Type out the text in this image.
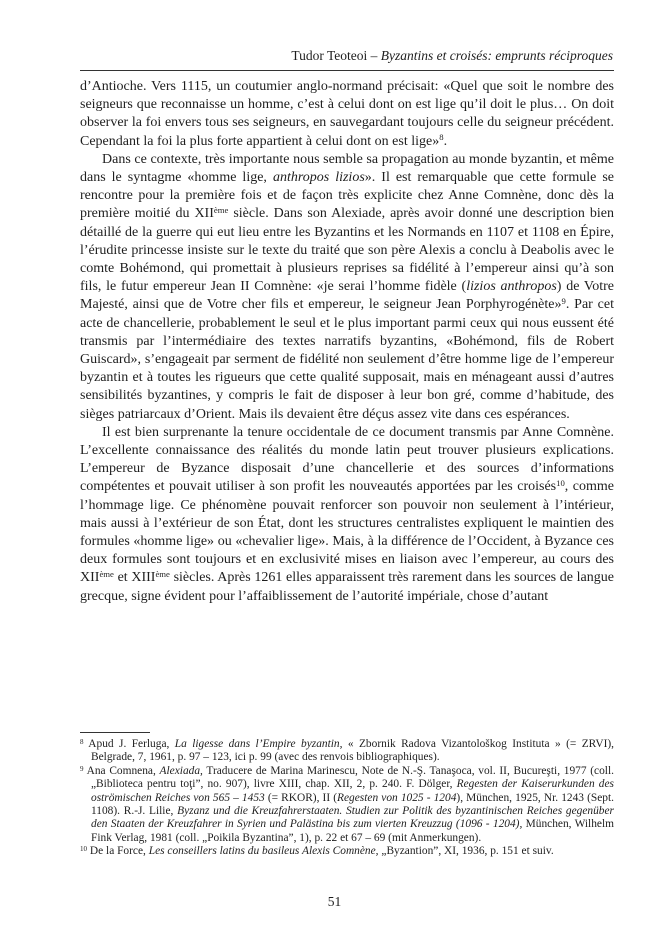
Tudor Teoteoi – Byzantins et croisés: emprunts réciproques

d’Antioche. Vers 1115, un coutumier anglo-normand précisait: «Quel que soit le nombre des seigneurs que reconnaisse un homme, c’est à celui dont on est lige qu’il doit le plus… On doit observer la foi envers tous ses seigneurs, en sauvegardant toujours celle du seigneur précédent. Cependant la foi la plus forte appartient à celui dont on est lige»$^8$.

Dans ce contexte, très importante nous semble sa propagation au monde byzantin, et même dans le syntagme «homme lige, anthropos lizios». Il est remarquable que cette formule se rencontre pour la première fois et de façon très explicite chez Anne Comnène, donc dès la première moitié du XIIème siècle. Dans son Alexiade, après avoir donné une description bien détaillé de la guerre qui eut lieu entre les Byzantins et les Normands en 1107 et 1108 en Épire, l’érudite princesse insiste sur le texte du traité que son père Alexis a conclu à Deabolis avec le comte Bohémond, qui promettait à plusieurs reprises sa fidélité à l’empereur ainsi qu’à son fils, le futur empereur Jean II Comnène: «je serai l’homme fidèle (lizios anthropos) de Votre Majesté, ainsi que de Votre cher fils et empereur, le seigneur Jean Porphyrogénète»$^9$. Par cet acte de chancellerie, probablement le seul et le plus important parmi ceux qui nous eussent été transmis par l’intermédiaire des textes narratifs byzantins, «Bohémond, fils de Robert Guiscard», s’engageait par serment de fidélité non seulement d’être homme lige de l’empereur byzantin et à toutes les rigueurs que cette qualité supposait, mais en ménageant aussi d’autres sensibilités byzantines, y compris le fait de disposer à leur bon gré, comme d’habitude, des sièges patriarcaux d’Orient. Mais ils devaient être déçus assez vite dans ces espérances.

Il est bien surprenante la tenure occidentale de ce document transmis par Anne Comnène. L’excellente connaissance des réalités du monde latin peut trouver plusieurs explications. L’empereur de Byzance disposait d’une chancellerie et des sources d’informations compétentes et pouvait utiliser à son profit les nouveautés apportées par les croisés$^{10}$, comme l’hommage lige. Ce phénomène pouvait renforcer son pouvoir non seulement à l’intérieur, mais aussi à l’extérieur de son État, dont les structures centralistes expliquent le maintien des formules «homme lige» ou «chevalier lige». Mais, à la différence de l’Occident, à Byzance ces deux formules sont toujours et en exclusivité mises en liaison avec l’empereur, au cours des XIIème et XIIIème siècles. Après 1261 elles apparaissent très rarement dans les sources de langue grecque, signe évident pour l’affaiblissement de l’autorité impériale, chose d’autant

$^8$ Apud J. Ferluga, La ligesse dans l’Empire byzantin, « Zbornik Radova Vizantološkog Instituta » (= ZRVI), Belgrade, 7, 1961, p. 97 – 123, ici p. 99 (avec des renvois bibliographiques).

$^9$ Ana Comnena, Alexiada, Traducere de Marina Marinescu, Note de N.-Ş. Tanaşoca, vol. II, Bucureşti, 1977 (coll. „Biblioteca pentru toţi”, no. 907), livre XIII, chap. XII, 2, p. 240. F. Dölger, Regesten der Kaiserurkunden des oströmischen Reiches von 565 – 1453 (= RKOR), II (Regesten von 1025 - 1204), München, 1925, Nr. 1243 (Sept. 1108). R.-J. Lilie, Byzanz und die Kreuzfahrerstaaten. Studien zur Politik des byzantinischen Reiches gegenüber den Staaten der Kreuzfahrer in Syrien und Palästina bis zum vierten Kreuzzug (1096 - 1204), München, Wilhelm Fink Verlag, 1981 (coll. „Poikila Byzantina”, 1), p. 22 et 67 – 69 (mit Anmerkungen).

$^{10}$ De la Force, Les conseillers latins du basileus Alexis Comnène, „Byzantion”, XI, 1936, p. 151 et suiv.

51
